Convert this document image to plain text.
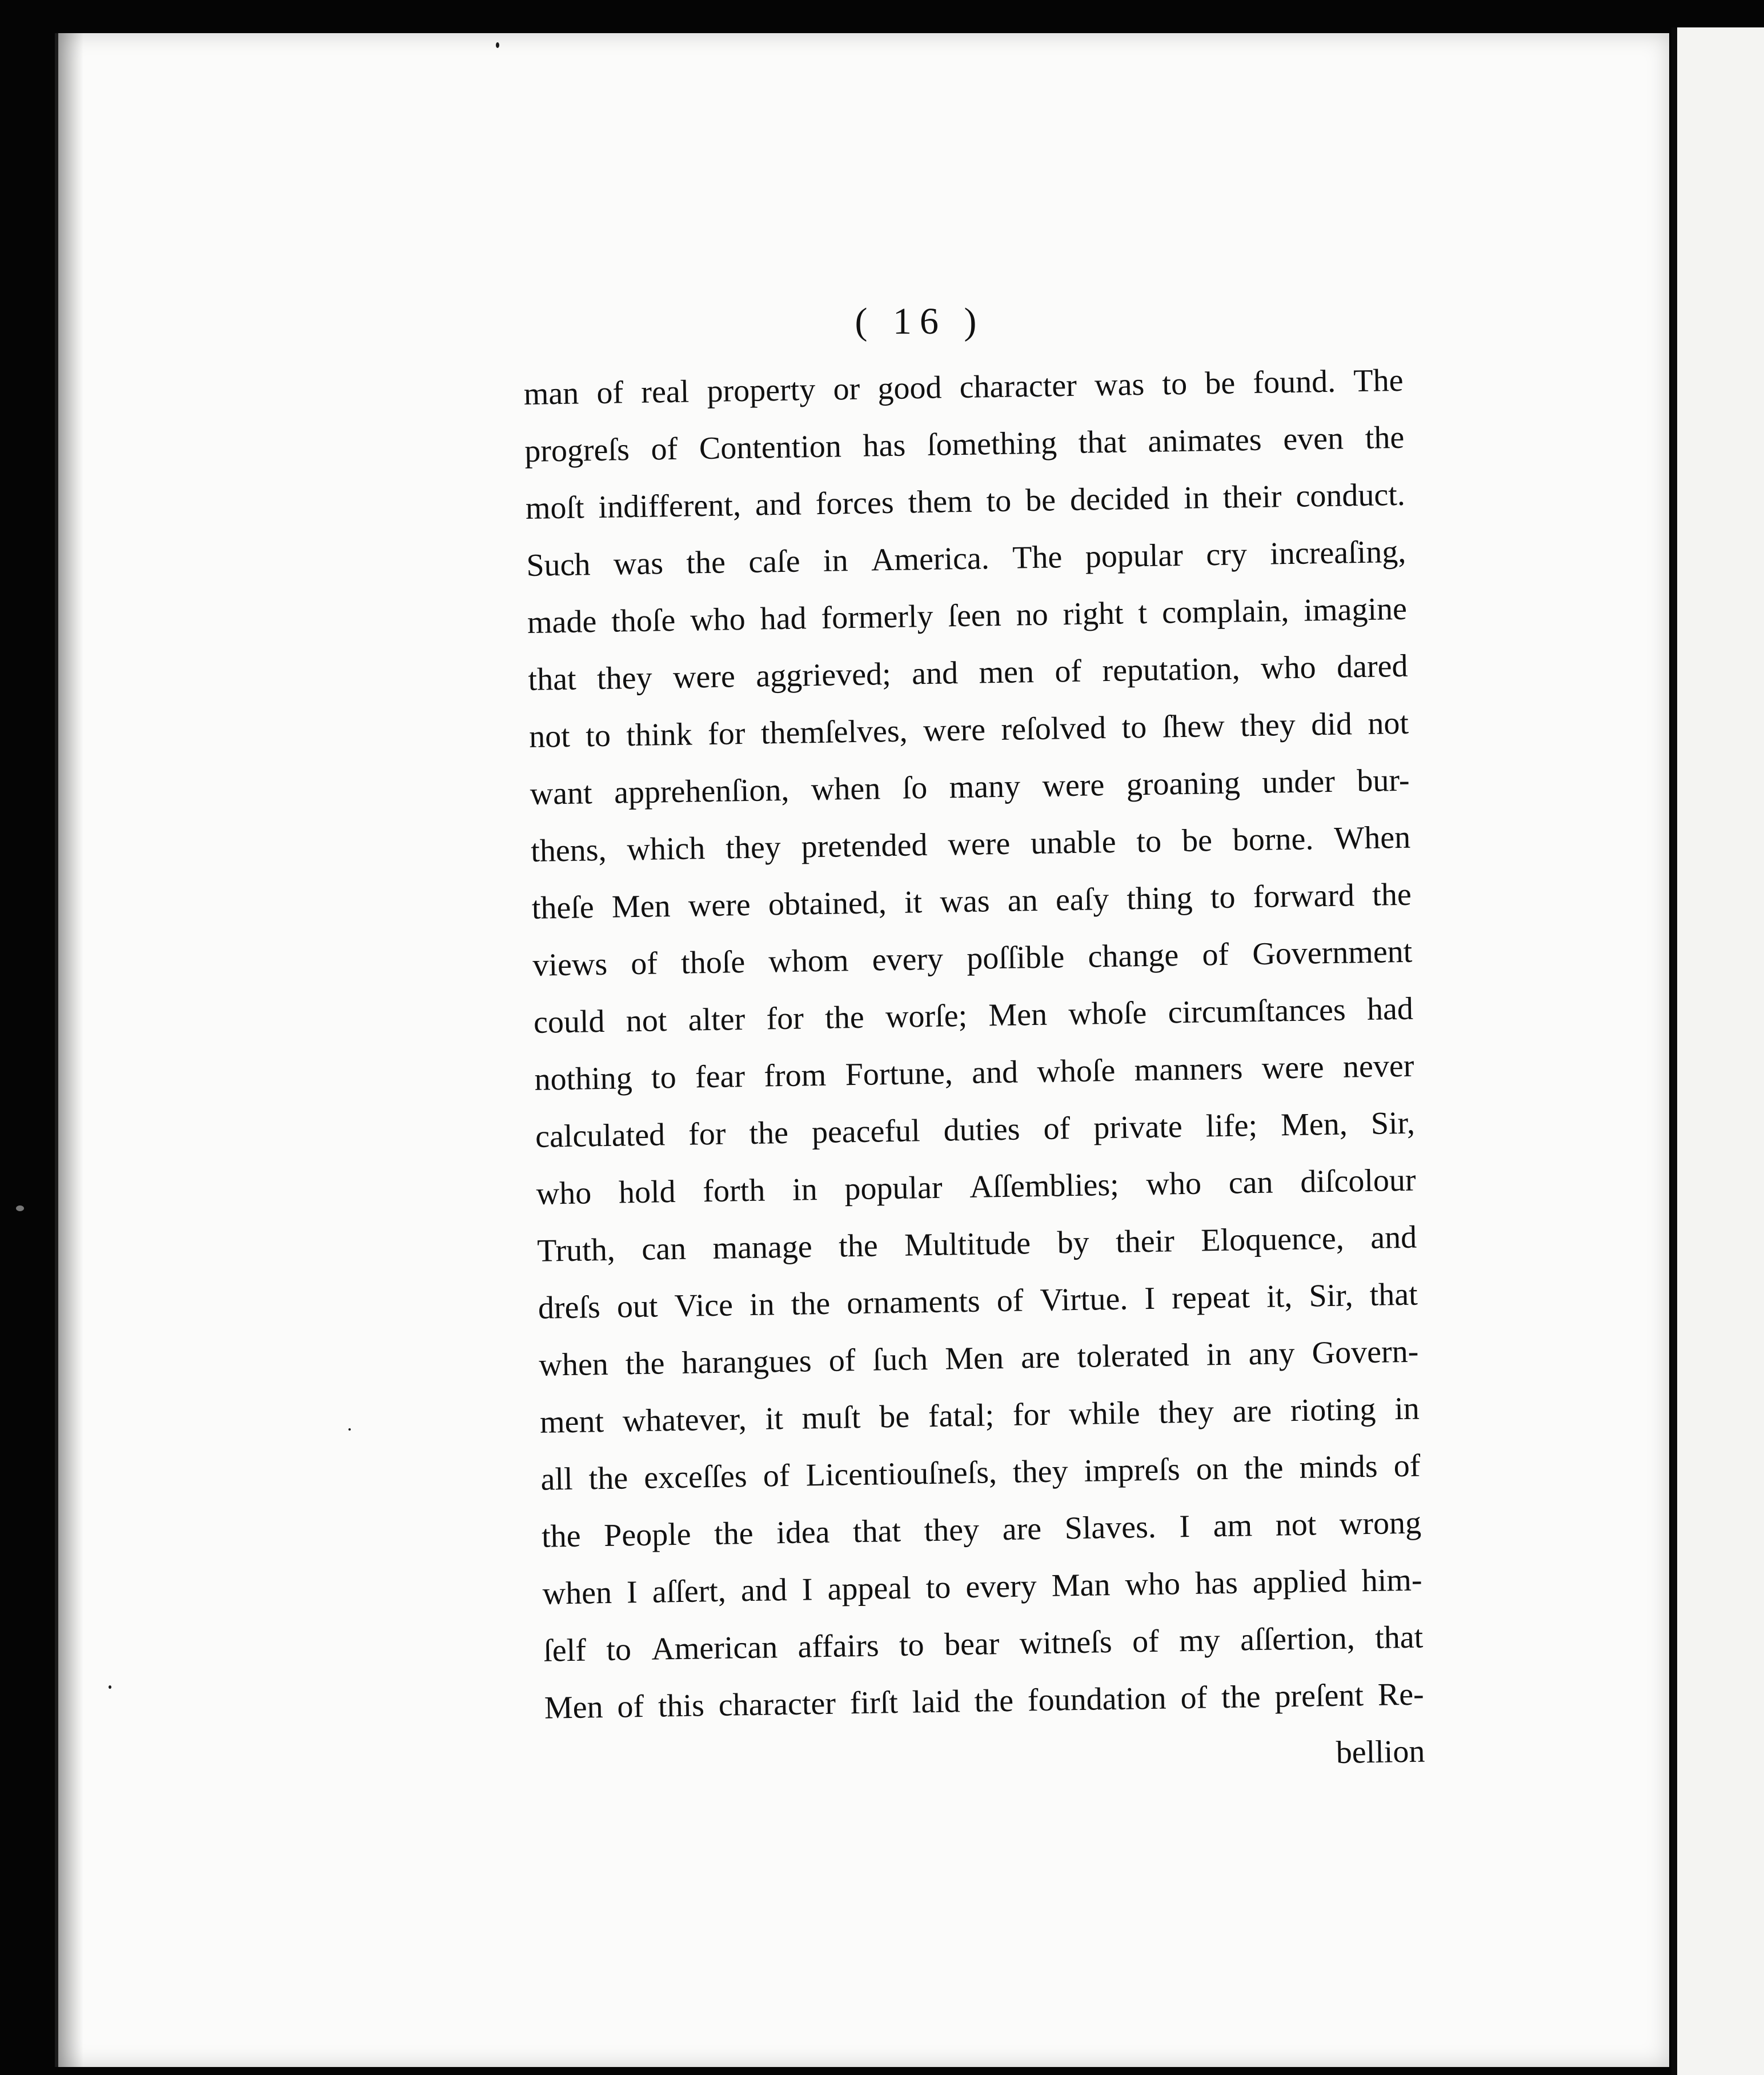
( 16 )
man of real property or good character was to be found. The
progreſs of Contention has ſomething that animates even the
moſt indifferent, and forces them to be decided in their conduct.
Such was the caſe in America. The popular cry increaſing,
made thoſe who had formerly ſeen no right t complain, imagine
that they were aggrieved; and men of reputation, who dared
not to think for themſelves, were reſolved to ſhew they did not
want apprehenſion, when ſo many were groaning under bur-
thens, which they pretended were unable to be borne. When
theſe Men were obtained, it was an eaſy thing to forward the
views of thoſe whom every poſſible change of Government
could not alter for the worſe; Men whoſe circumſtances had
nothing to fear from Fortune, and whoſe manners were never
calculated for the peaceful duties of private life; Men, Sir,
who hold forth in popular Aſſemblies; who can diſcolour
Truth, can manage the Multitude by their Eloquence, and
dreſs out Vice in the ornaments of Virtue. I repeat it, Sir, that
when the harangues of ſuch Men are tolerated in any Govern-
ment whatever, it muſt be fatal; for while they are rioting in
all the exceſſes of Licentiouſneſs, they impreſs on the minds of
the People the idea that they are Slaves. I am not wrong
when I aſſert, and I appeal to every Man who has applied him-
ſelf to American affairs to bear witneſs of my aſſertion, that
Men of this character firſt laid the foundation of the preſent Re-
bellion
